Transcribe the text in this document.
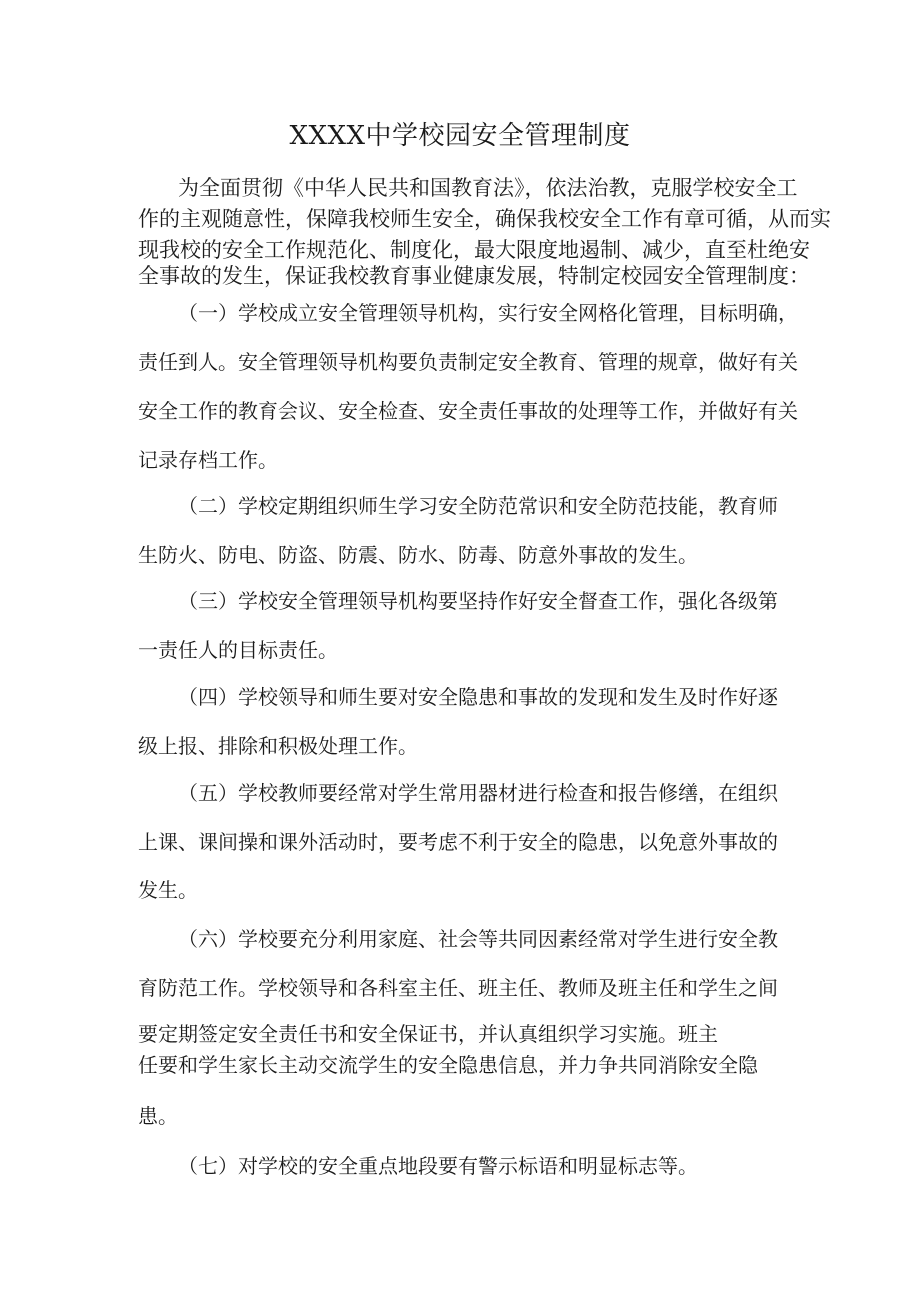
XXXX中学校园安全管理制度
为全面贯彻《中华人民共和国教育法》，依法治教，克服学校安全工
作的主观随意性，保障我校师生安全，确保我校安全工作有章可循，从而实
现我校的安全工作规范化、制度化，最大限度地遏制、减少，直至杜绝安
全事故的发生，保证我校教育事业健康发展，特制定校园安全管理制度：
（一）学校成立安全管理领导机构，实行安全网格化管理，目标明确，
责任到人。安全管理领导机构要负责制定安全教育、管理的规章，做好有关
安全工作的教育会议、安全检查、安全责任事故的处理等工作，并做好有关
记录存档工作。
（二）学校定期组织师生学习安全防范常识和安全防范技能，教育师
生防火、防电、防盗、防震、防水、防毒、防意外事故的发生。
（三）学校安全管理领导机构要坚持作好安全督查工作，强化各级第
一责任人的目标责任。
（四）学校领导和师生要对安全隐患和事故的发现和发生及时作好逐
级上报、排除和积极处理工作。
（五）学校教师要经常对学生常用器材进行检查和报告修缮，在组织
上课、课间操和课外活动时，要考虑不利于安全的隐患，以免意外事故的
发生。
（六）学校要充分利用家庭、社会等共同因素经常对学生进行安全教
育防范工作。学校领导和各科室主任、班主任、教师及班主任和学生之间
要定期签定安全责任书和安全保证书，并认真组织学习实施。班主
任要和学生家长主动交流学生的安全隐患信息，并力争共同消除安全隐
患。
（七）对学校的安全重点地段要有警示标语和明显标志等。
